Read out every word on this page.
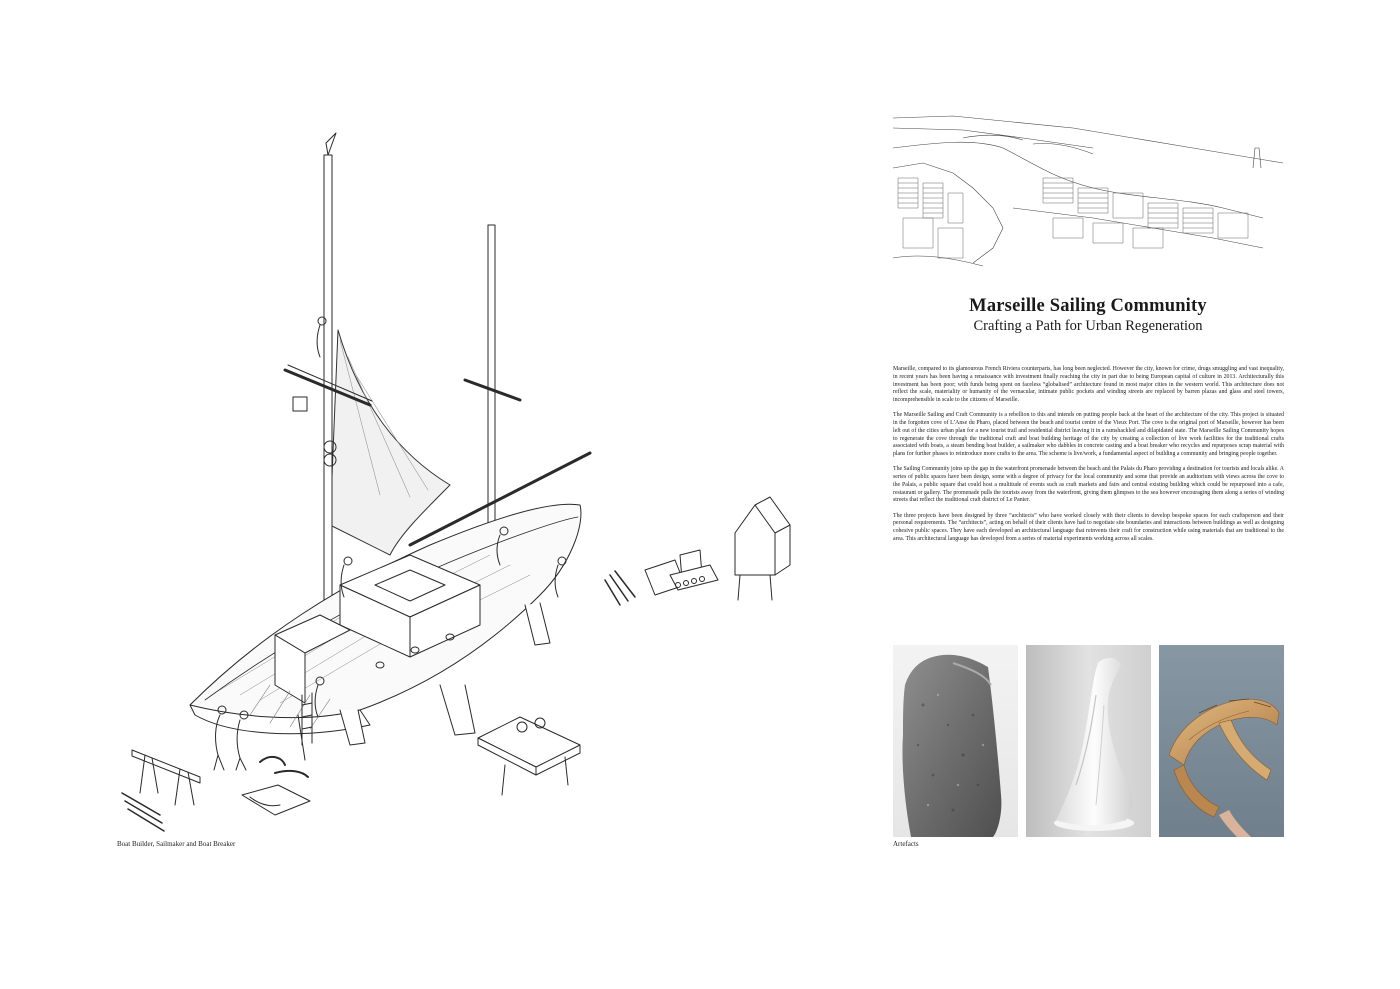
Boat Builder, Sailmaker and Boat Breaker
Marseille Sailing Community
Crafting a Path for Urban Regeneration

Marseille, compared to its glamourous French Riviera counterparts, has long been neglected. However the city, known for crime, drugs smuggling and vast inequality, in recent years has been having a renaissance with investment finally reaching the city in part due to being European capital of culture in 2013. Architecturally this investment has been poor; with funds being spent on faceless “globalised” architecture found in most major cities in the western world. This architecture does not reflect the scale, materiality or humanity of the vernacular, intimate public pockets and winding streets are replaced by barren plazas and glass and steel towers, incomprehensible in scale to the citizens of Marseille.

The Marseille Sailing and Craft Community is a rebellion to this and intends on putting people back at the heart of the architecture of the city. This project is situated in the forgotten cove of L’Anse du Pharo, placed between the beach and tourist centre of the Vieux Port. The cove is the original port of Marseille, however has been left out of the cities urban plan for a new tourist trail and residential district leaving it in a ramshackled and dilapidated state. The Marseille Sailing Community hopes to regenerate the cove through the traditional craft and boat building heritage of the city by creating a collection of live work facilities for the traditional crafts associated with boats, a steam bending boat builder, a sailmaker who dabbles in concrete casting and a boat breaker who recycles and repurposes scrap material with plans for further phases to reintroduce more crafts to the area. The scheme is live/work, a fundamental aspect of building a community and bringing people together.

The Sailing Community joins up the gap in the waterfront promenade between the beach and the Palais du Pharo providing a destination for tourists and locals alike. A series of public spaces have been design, some with a degree of privacy for the local community and some that provide an auditorium with views across the cove to the Palais, a public square that could host a multitude of events such as craft markets and fairs and central existing building which could be repurposed into a cafe, restaurant or gallery. The promenade pulls the tourists away from the waterfront, giving them glimpses to the sea however encouraging them along a series of winding streets that reflect the traditional craft district of Le Panier.

The three projects have been designed by three “architects” who have worked closely with their clients to develop bespoke spaces for each craftsperson and their personal requirements. The “architects”, acting on behalf of their clients have had to negotiate site boundaries and interactions between buildings as well as designing cohesive public spaces. They have each developed an architectural language that reinvents their craft for construction while using materials that are traditional to the area. This architectural language has developed from a series of material experiments working across all scales.

Artefacts
